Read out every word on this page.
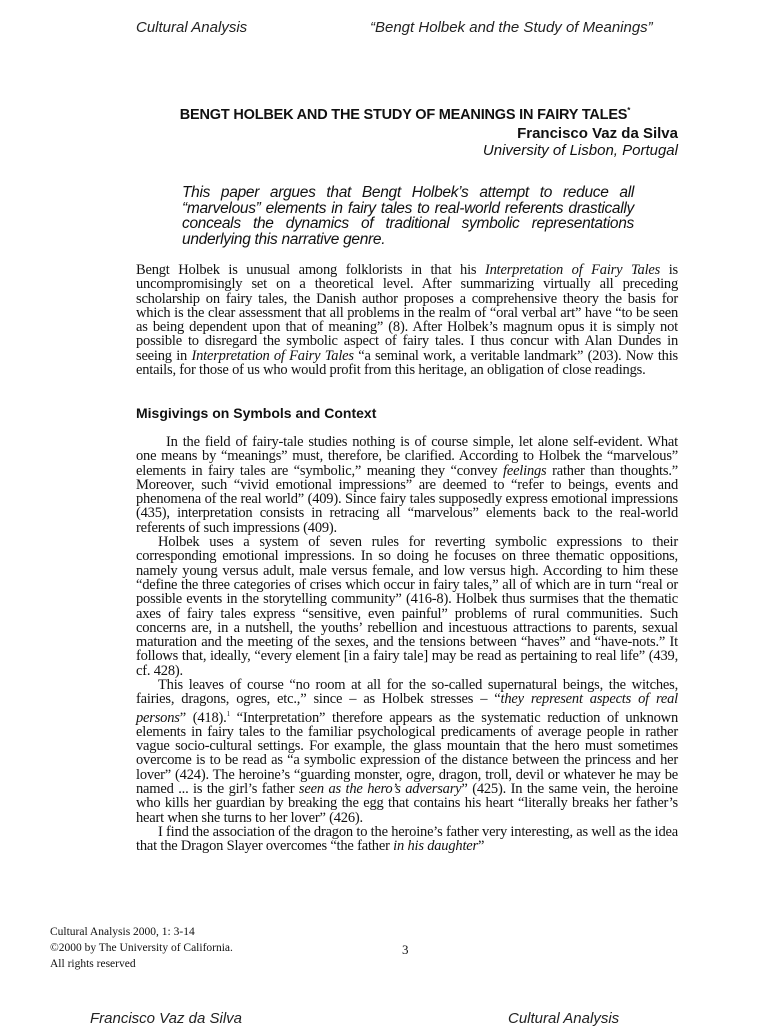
Cultural Analysis	“Bengt Holbek and the Study of Meanings”
BENGT HOLBEK AND THE STUDY OF MEANINGS IN FAIRY TALES*
Francisco Vaz da Silva
University of Lisbon, Portugal
This paper argues that Bengt Holbek’s attempt to reduce all “marvelous” elements in fairy tales to real-world referents drastically conceals the dynamics of traditional symbolic representations underlying this narrative genre.

Bengt Holbek is unusual among folklorists in that his Interpretation of Fairy Tales is uncompromisingly set on a theoretical level. After summarizing virtually all preceding scholarship on fairy tales, the Danish author proposes a comprehensive theory the basis for which is the clear assessment that all problems in the realm of “oral verbal art” have “to be seen as being dependent upon that of meaning” (8). After Holbek’s magnum opus it is simply not possible to disregard the symbolic aspect of fairy tales. I thus concur with Alan Dundes in seeing in Interpretation of Fairy Tales “a seminal work, a veritable landmark” (203). Now this entails, for those of us who would profit from this heritage, an obligation of close readings.

Misgivings on Symbols and Context

In the field of fairy-tale studies nothing is of course simple, let alone self-evident. What one means by “meanings” must, therefore, be clarified. According to Holbek the “marvelous” elements in fairy tales are “symbolic,” meaning they “convey feelings rather than thoughts.” Moreover, such “vivid emotional impressions” are deemed to “refer to beings, events and phenomena of the real world” (409). Since fairy tales supposedly express emotional impressions (435), interpretation consists in retracing all “marvelous” elements back to the real-world referents of such impressions (409).

Holbek uses a system of seven rules for reverting symbolic expressions to their corresponding emotional impressions. In so doing he focuses on three thematic oppositions, namely young versus adult, male versus female, and low versus high. According to him these “define the three categories of crises which occur in fairy tales,” all of which are in turn “real or possible events in the storytelling community” (416-8). Holbek thus surmises that the thematic axes of fairy tales express “sensitive, even painful” problems of rural communities. Such concerns are, in a nutshell, the youths’ rebellion and incestuous attractions to parents, sexual maturation and the meeting of the sexes, and the tensions between “haves” and “have-nots.” It follows that, ideally, “every element [in a fairy tale] may be read as pertaining to real life” (439, cf. 428).

This leaves of course “no room at all for the so-called supernatural beings, the witches, fairies, dragons, ogres, etc.,” since – as Holbek stresses – “they represent aspects of real persons” (418).$^1$ “Interpretation” therefore appears as the systematic reduction of unknown elements in fairy tales to the familiar psychological predicaments of average people in rather vague socio-cultural settings. For example, the glass mountain that the hero must sometimes overcome is to be read as “a symbolic expression of the distance between the princess and her lover” (424). The heroine’s “guarding monster, ogre, dragon, troll, devil or whatever he may be named ... is the girl’s father seen as the hero’s adversary” (425). In the same vein, the heroine who kills her guardian by breaking the egg that contains his heart “literally breaks her father’s heart when she turns to her lover” (426).

I find the association of the dragon to the heroine’s father very interesting, as well as the idea that the Dragon Slayer overcomes “the father in his daughter”

Cultural Analysis 2000, 1: 3-14
©2000 by The University of California.
All rights reserved
3
Francisco Vaz da Silva	Cultural Analysis
